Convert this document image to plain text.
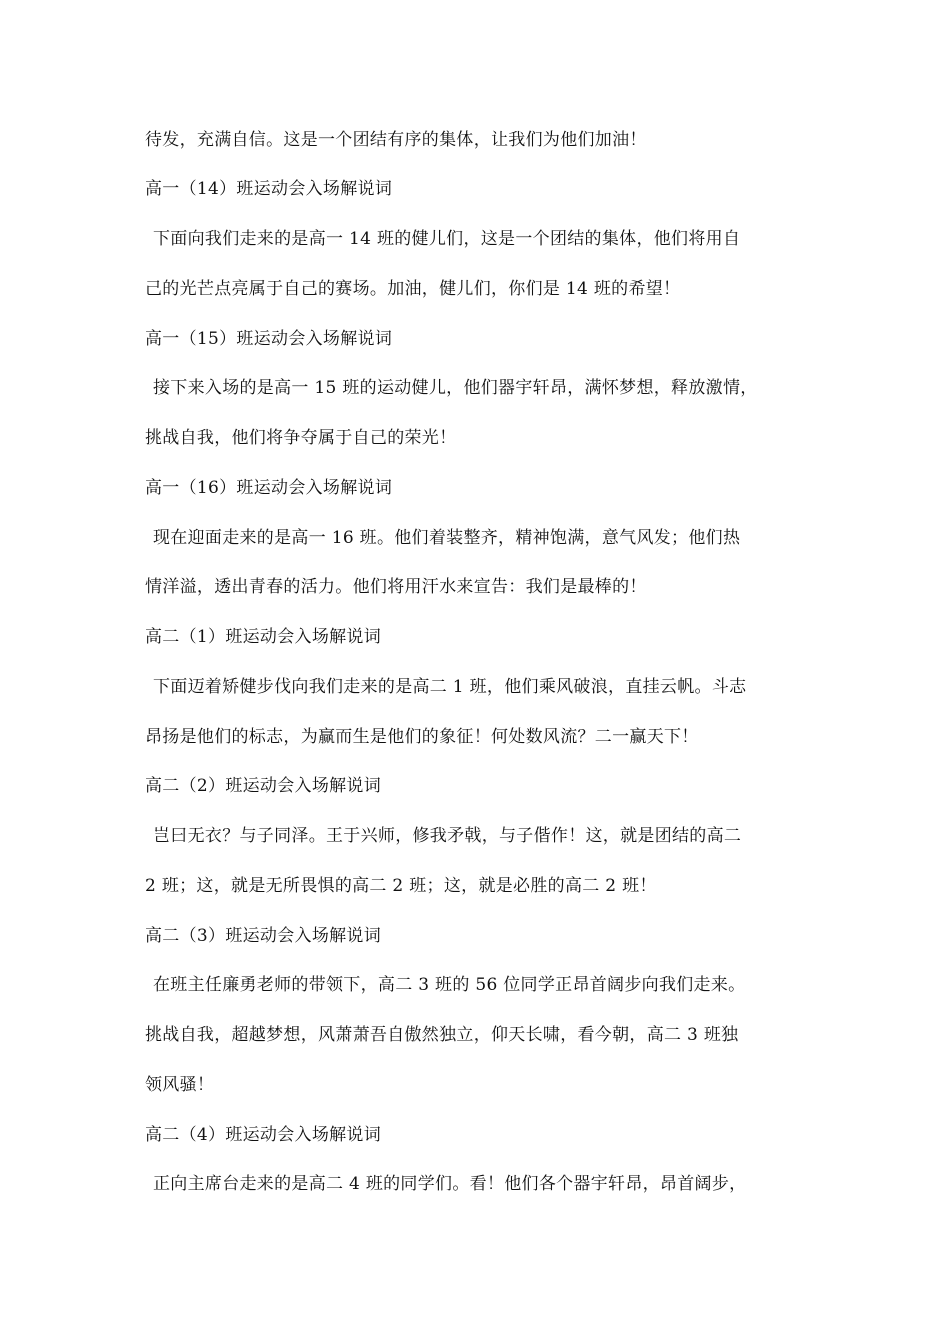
待发，充满自信。这是一个团结有序的集体，让我们为他们加油！
高一（14）班运动会入场解说词
下面向我们走来的是高一 14 班的健儿们，这是一个团结的集体，他们将用自
己的光芒点亮属于自己的赛场。加油，健儿们，你们是 14 班的希望！
高一（15）班运动会入场解说词
接下来入场的是高一 15 班的运动健儿，他们器宇轩昂，满怀梦想，释放激情，
挑战自我，他们将争夺属于自己的荣光！
高一（16）班运动会入场解说词
现在迎面走来的是高一 16 班。他们着装整齐，精神饱满，意气风发；他们热
情洋溢，透出青春的活力。他们将用汗水来宣告：我们是最棒的！
高二（1）班运动会入场解说词
下面迈着矫健步伐向我们走来的是高二 1 班，他们乘风破浪，直挂云帆。斗志
昂扬是他们的标志，为赢而生是他们的象征！何处数风流？二一赢天下！
高二（2）班运动会入场解说词
岂曰无衣？与子同泽。王于兴师，修我矛戟，与子偕作！这，就是团结的高二
2 班；这，就是无所畏惧的高二 2 班；这，就是必胜的高二 2 班！
高二（3）班运动会入场解说词
在班主任廉勇老师的带领下，高二 3 班的 56 位同学正昂首阔步向我们走来。
挑战自我，超越梦想，风萧萧吾自傲然独立，仰天长啸，看今朝，高二 3 班独
领风骚！
高二（4）班运动会入场解说词
正向主席台走来的是高二 4 班的同学们。看！他们各个器宇轩昂，昂首阔步，
